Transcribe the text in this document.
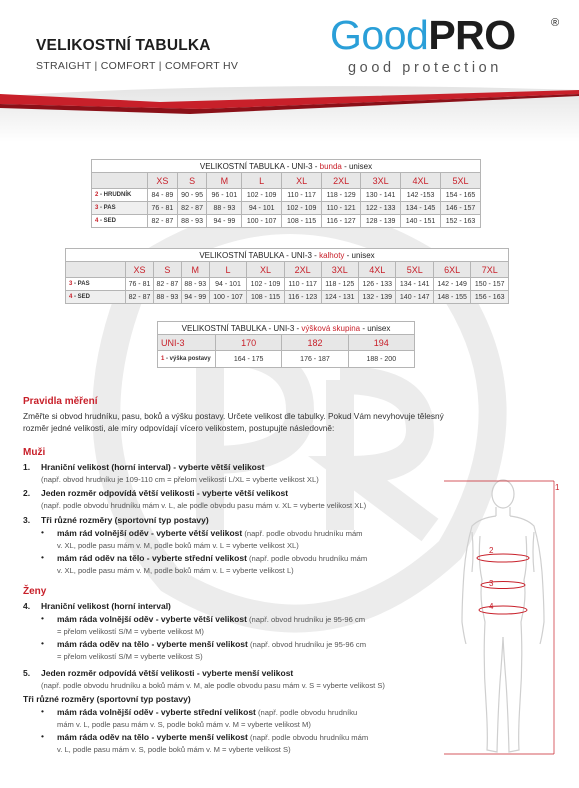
VELIKOSTNÍ TABULKA
STRAIGHT | COMFORT | COMFORT HV
GoodPRO	®
good protection
VELIKOSTNÍ TABULKA - UNI-3 - bunda - unisex									
	XS	S	M	L	XL	2XL	3XL	4XL	5XL
2 - HRUDNÍK	84 - 89	90 - 95	96 - 101	102 - 109	110 - 117	118 - 129	130 - 141	142 -153	154 - 165
3 - PAS	76 - 81	82 - 87	88 - 93	94 - 101	102 - 109	110 - 121	122 - 133	134 - 145	146 - 157
4 - SED	82 - 87	88 - 93	94 - 99	100 - 107	108 - 115	116 - 127	128 - 139	140 - 151	152 - 163
VELIKOSTNÍ TABULKA - UNI-3 - kalhoty - unisex											
	XS	S	M	L	XL	2XL	3XL	4XL	5XL	6XL	7XL
3 - PAS	76 - 81	82 - 87	88 - 93	94 - 101	102 - 109	110 - 117	118 - 125	126 - 133	134 - 141	142 - 149	150 - 157
4 - SED	82 - 87	88 - 93	94 - 99	100 - 107	108 - 115	116 - 123	124 - 131	132 - 139	140 - 147	148 - 155	156 - 163
VELIKOSTNÍ TABULKA - UNI-3 - výšková skupina - unisex			
UNI-3	170	182	194
1 - výška postavy	164 - 175	176 - 187	188 - 200
Pravidla měření
Změřte si obvod hrudníku, pasu, boků a výšku postavy. Určete velikost dle tabulky. Pokud Vám nevyhovuje tělesný
rozměr jedné velikosti, ale míry odpovídají vícero velikostem, postupujte následovně:
Muži
1. Hraniční velikost (horní interval) - vyberte větší velikost
(např. obvod hrudníku je 109-110 cm = přelom velikostí L/XL = vyberte velikost XL)
2. Jeden rozměr odpovídá větší velikosti - vyberte větší velikost
(např. podle obvodu hrudníku mám v. L, ale podle obvodu pasu mám v. XL = vyberte velikost XL)
3. Tři různé rozměry (sportovní typ postavy)
• mám rád volnější oděv - vyberte větší velikost (např. podle obvodu hrudníku mám
v. XL, podle pasu mám v. M, podle boků mám v. L = vyberte velikost XL)
• mám rád oděv na tělo - vyberte střední velikost (např. podle obvodu hrudníku mám
v. XL, podle pasu mám v. M, podle boků mám v. L = vyberte velikost L)
Ženy
4. Hraniční velikost (horní interval)
• mám ráda volnější oděv - vyberte větší velikost (např. obvod hrudníku je 95-96 cm
= přelom velikostí S/M = vyberte velikost M)
• mám ráda oděv na tělo - vyberte menší velikost (např. obvod hrudníku je 95-96 cm
= přelom velikostí S/M = vyberte velikost S)
5. Jeden rozměr odpovídá větší velikosti - vyberte menší velikost
(např. podle obvodu hrudníku a boků mám v. M, ale podle obvodu pasu mám v. S = vyberte velikost S)
Tři různé rozměry (sportovní typ postavy)
• mám ráda volnější oděv - vyberte střední velikost (např. podle obvodu hrudníku
mám v. L, podle pasu mám v. S, podle boků mám v. M = vyberte velikost M)
• mám ráda oděv na tělo - vyberte menší velikost (např. podle obvodu hrudníku mám
v. L, podle pasu mám v. S, podle boků mám v. M = vyberte velikost S)
1
2
3
4
